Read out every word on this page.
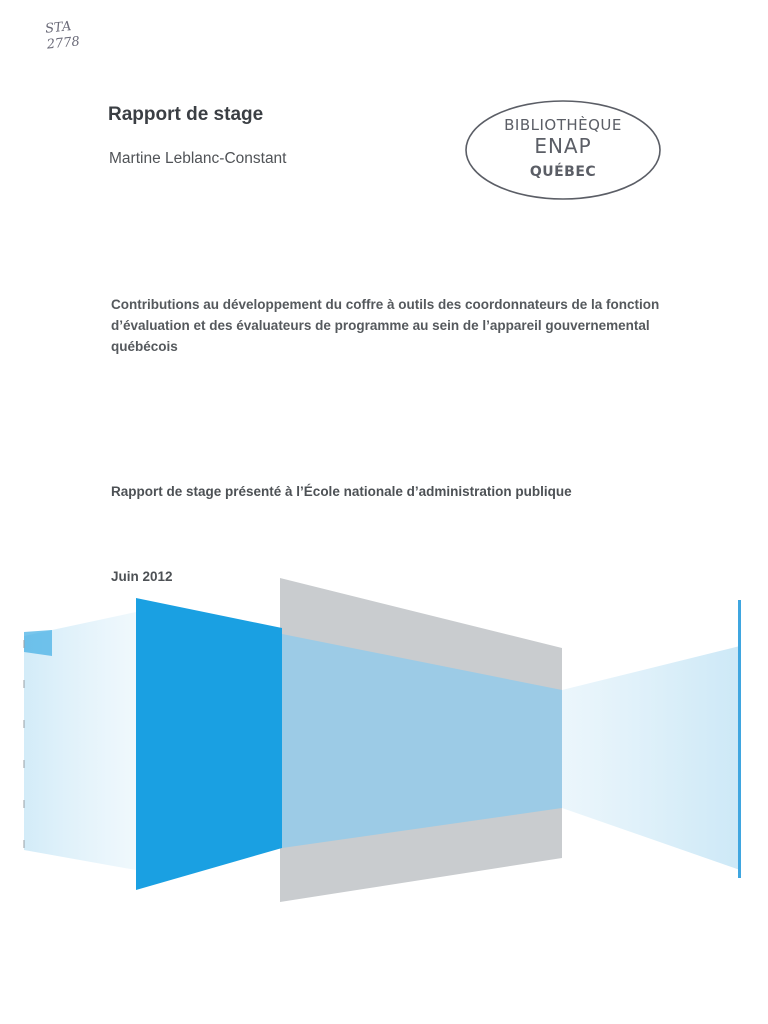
STA
2778
Rapport de stage
Martine Leblanc-Constant
BIBLIOTHÈQUE
ENAP
QUÉBEC
Contributions au développement du coffre à outils des coordonnateurs de la fonction
d’évaluation et des évaluateurs de programme au sein de l’appareil gouvernemental
québécois
Rapport de stage présenté à l’École nationale d’administration publique
Juin 2012
